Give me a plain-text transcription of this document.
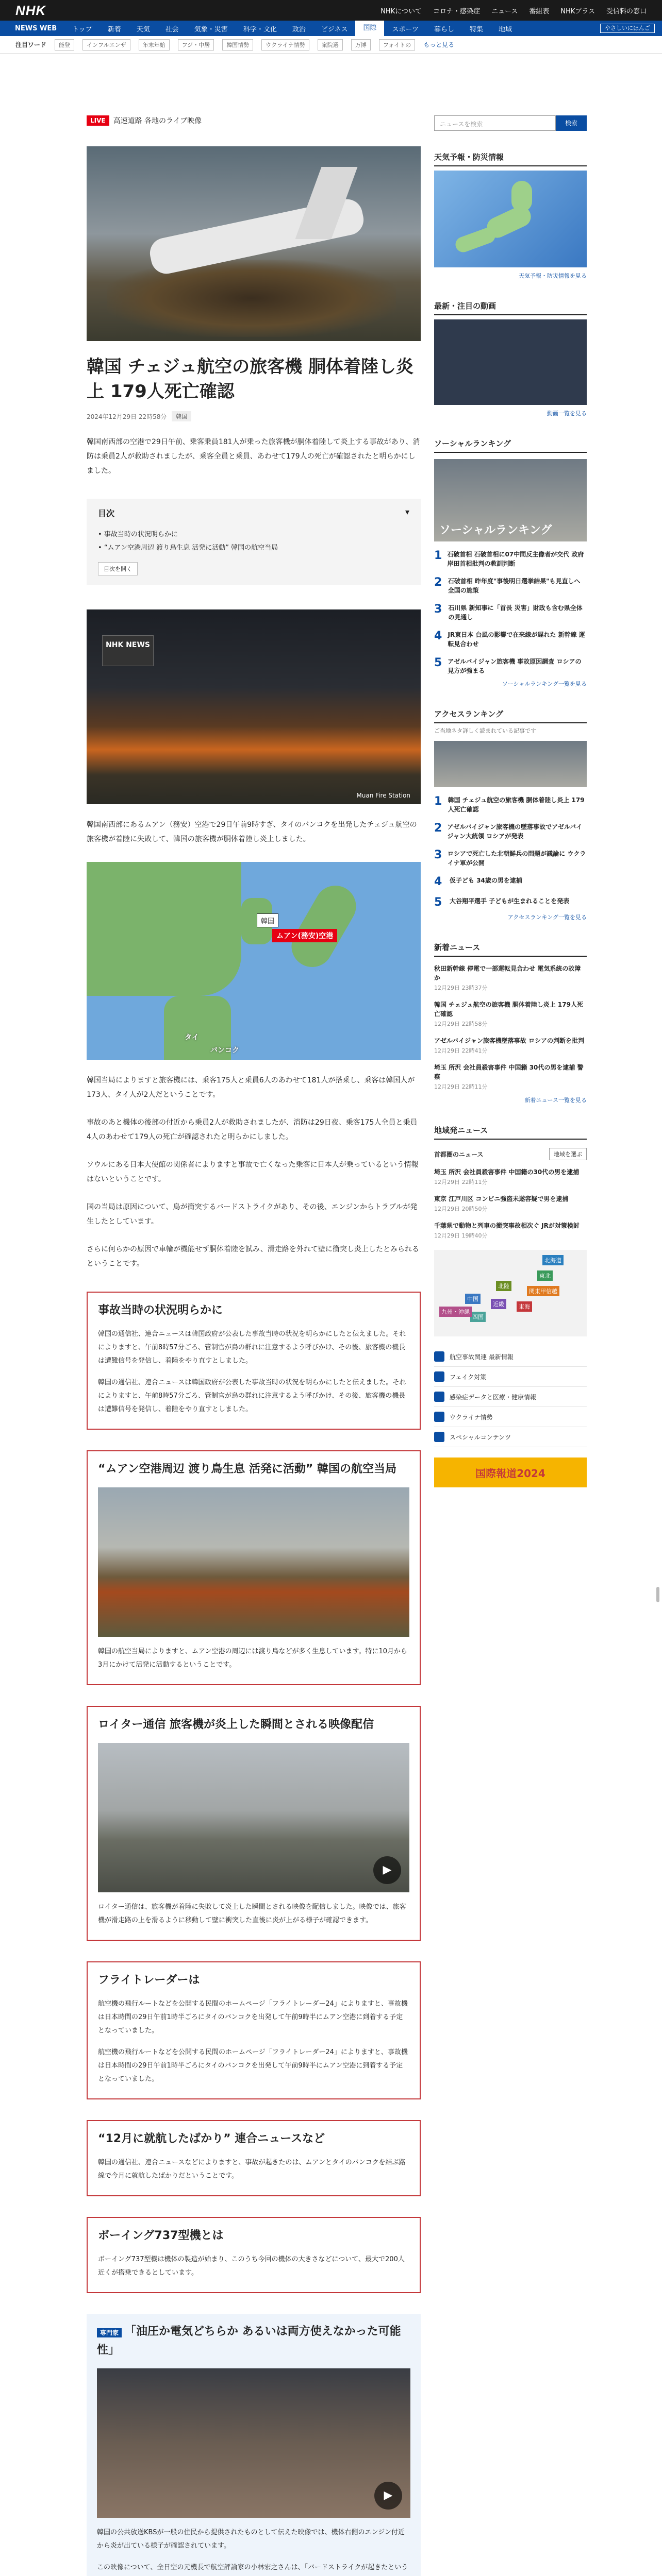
NHK	NHKについて コロナ・感染症 ニュース 番組表 NHKプラス 受信料の窓口
NEWS WEB	トップ	新着	天気	社会	気象・災害	科学・文化	政治	ビジネス	国際	スポーツ	暮らし	特集	地域	やさしいにほんご
注目ワード	能登	インフルエンザ	年末年始	フジ・中居	韓国情勢	ウクライナ情勢	衆院選	万博	フォイトの	もっと見る
LIVE	高速道路 各地のライブ映像
韓国 チェジュ航空の旅客機 胴体着陸し炎上 179人死亡確認
2024年12月29日 22時58分	韓国

韓国南西部の空港で29日午前、乗客乗員181人が乗った旅客機が胴体着陸して炎上する事故があり、消防は乗員2人が救助されましたが、乗客全員と乗員、あわせて179人の死亡が確認されたと明らかにしました。

目次	▾
• 事故当時の状況明らかに
• “ムアン空港周辺 渡り鳥生息 活発に活動” 韓国の航空当局
目次を開く
NHK NEWS
Muan Fire Station

韓国南西部にあるムアン（務安）空港で29日午前9時すぎ、タイのバンコクを出発したチェジュ航空の旅客機が着陸に失敗して、韓国の旅客機が胴体着陸し炎上しました。

韓国
ムアン(務安)空港
タイ
バンコク

韓国当局によりますと旅客機には、乗客175人と乗員6人のあわせて181人が搭乗し、乗客は韓国人が173人、タイ人が2人だということです。

事故のあと機体の後部の付近から乗員2人が救助されましたが、消防は29日夜、乗客175人全員と乗員4人のあわせて179人の死亡が確認されたと明らかにしました。

ソウルにある日本大使館の関係者によりますと事故で亡くなった乗客に日本人が乗っているという情報はないということです。

国の当局は原因について、鳥が衝突するバードストライクがあり、その後、エンジンからトラブルが発生したとしています。

さらに何らかの原因で車輪が機能せず胴体着陸を試み、滑走路を外れて壁に衝突し炎上したとみられるということです。

事故当時の状況明らかに

韓国の通信社、連合ニュースは韓国政府が公表した事故当時の状況を明らかにしたと伝えました。それによりますと、午前8時57分ごろ、管制官が鳥の群れに注意するよう呼びかけ、その後、旅客機の機長は遭難信号を発信し、着陸をやり直すとしました。

韓国の通信社、連合ニュースは韓国政府が公表した事故当時の状況を明らかにしたと伝えました。それによりますと、午前8時57分ごろ、管制官が鳥の群れに注意するよう呼びかけ、その後、旅客機の機長は遭難信号を発信し、着陸をやり直すとしました。

“ムアン空港周辺 渡り鳥生息 活発に活動” 韓国の航空当局

韓国の航空当局によりますと、ムアン空港の周辺には渡り鳥などが多く生息しています。特に10月から3月にかけて活発に活動するということです。

ロイター通信 旅客機が炎上した瞬間とされる映像配信
▶

ロイター通信は、旅客機が着陸に失敗して炎上した瞬間とされる映像を配信しました。映像では、旅客機が滑走路の上を滑るように移動して壁に衝突した直後に炎が上がる様子が確認できます。

フライトレーダーは

航空機の飛行ルートなどを公開する民間のホームページ「フライトレーダー24」によりますと、事故機は日本時間の29日午前1時半ごろにタイのバンコクを出発して午前9時半にムアン空港に到着する予定となっていました。

航空機の飛行ルートなどを公開する民間のホームページ「フライトレーダー24」によりますと、事故機は日本時間の29日午前1時半ごろにタイのバンコクを出発して午前9時半にムアン空港に到着する予定となっていました。

“12月に就航したばかり” 連合ニュースなど

韓国の通信社、連合ニュースなどによりますと、事故が起きたのは、ムアンとタイのバンコクを結ぶ路線で今月に就航したばかりだということです。

ボーイング737型機とは

ボーイング737型機は機体の製造が始まり、このうち今回の機体の大きさなどについて、最大で200人近くが搭乗できるとしています。

専門家 「油圧か電気どちらか あるいは両方使えなかった可能性」
▶

韓国の公共放送KBSが一般の住民から提供されたものとして伝えた映像では、機体右側のエンジン付近から炎が出ている様子が確認されています。

この映像について、全日空の元機長で航空評論家の小林宏之さんは、「バードストライクが起きたという

ニュースを検索	検索
天気予報・防災情報
天気予報・防災情報を見る
最新・注目の動画
動画一覧を見る
ソーシャルランキング
ソーシャルランキング
1 石破首相 石破首相に07中間反主像者が交代 政府 岸田首相批判の教訓判断
2 石破首相 昨年度"事後明日選挙結果"も見直しへ 全国の施策
3 石川県 新知事に「首長 災害」財政も含む県全体の見通し
4 JR東日本 台風の影響で在来線が遅れた 新幹線 運転見合わせ
5 アゼルバイジャン旅客機 事故原因調査 ロシアの見方が強まる
ソーシャルランキング一覧を見る
アクセスランキング
ご当地ネタ詳しく読まれている記事です
1 韓国 チェジュ航空の旅客機 胴体着陸し炎上 179人死亡確認
2 アゼルバイジャン旅客機の墜落事故でアゼルバイジャン大統領 ロシアが発表
3 ロシアで死亡した北朝鮮兵の問題が議論に ウクライナ軍が公開
4	仮子ども 34歳の男を逮捕
5	大谷翔平選手 子どもが生まれることを発表
アクセスランキング一覧を見る
新着ニュース
秋田新幹線 停電で一部運転見合わせ 電気系統の故障か
12月29日 23時37分
韓国 チェジュ航空の旅客機 胴体着陸し炎上 179人死亡確認
12月29日 22時58分
アゼルバイジャン旅客機墜落事故 ロシアの判断を批判
12月29日 22時41分
埼玉 所沢 会社員殺害事件 中国籍 30代の男を逮捕 警察
12月29日 22時11分
新着ニュース一覧を見る
地域発ニュース
首都圏のニュース	地域を選ぶ
埼玉 所沢 会社員殺害事件 中国籍の30代の男を逮捕
12月29日 22時11分
東京 江戸川区 コンビニ強盗未遂容疑で男を逮捕
12月29日 20時50分
千葉県で動物と列車の衝突事故相次ぐ JRが対策検討
12月29日 19時40分
北海道
東北
関東甲信越
東海
近畿
中国
四国
九州・沖縄
北陸
航空事故関連 最新情報
フェイク対策
感染症データと医療・健康情報
ウクライナ情勢
スペシャルコンテンツ
国際報道2024
